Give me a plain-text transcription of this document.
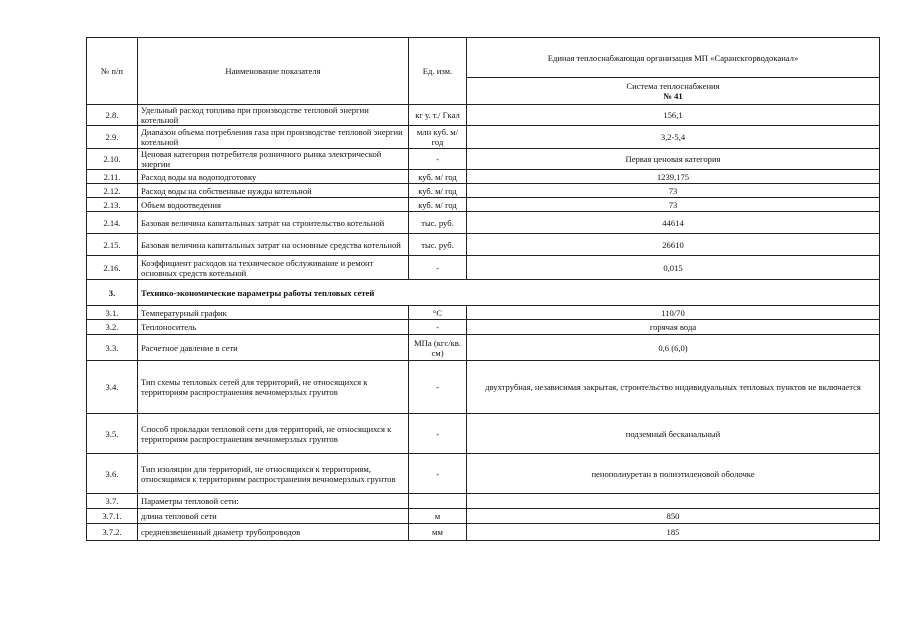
№ п/п	Наименование показателя	Ед. изм.	Единая теплоснабжающая организация МП «Саранскгорводоканал»
			Система теплоснабжения
№ 41

2.8.	Удельный расход топлива при производстве тепловой энергии котельной	кг у. т./ Гкал	156,1
2.9.	Диапазон объема потребления газа при производстве тепловой энергии котельной	млн куб. м/год	3,2-5,4
2.10.	Ценовая категория потребителя розничного рынка электрической энергии	-	Первая ценовая категория
2.11.	Расход воды на водоподготовку	куб. м/ год	1239,175
2.12.	Расход воды на собственные нужды котельной	куб. м/ год	73
2.13.	Объем водоотведения	куб. м/ год	73
2.14.	Базовая величина капитальных затрат на строительство котельной	тыс. руб.	44614
2.15.	Базовая величина капитальных затрат на основные средства котельной	тыс. руб.	26610
2.16.	Коэффициент расходов на техническое обслуживание и ремонт основных средств котельной	-	0,015
3.	Технико-экономические параметры работы тепловых сетей		
3.1.	Температурный график	°С	110/70
3.2.	Теплоноситель	-	горячая вода
3.3.	Расчетное давление в сети	МПа (кгс/кв. см)	0,6 (6,0)
3.4.	Тип схемы тепловых сетей для территорий, не относящихся к территориям распространения вечномерзлых грунтов	-	двухтрубная, независимая закрытая, строительство индивидуальных тепловых пунктов не включается
3.5.	Способ прокладки тепловой сети для территорий, не относящихся к территориям распространения вечномерзлых грунтов	-	подземный бесканальный
3.6.	Тип изоляции для территорий, не относящихся к территориям, относящимся к территориям распространения вечномерзлых грунтов	-	пенополиуретан в полиэтиленовой оболочке
3.7.	Параметры тепловой сети:		
3.7.1.	длина тепловой сети	м	850
3.7.2.	средневзвешенный диаметр трубопроводов	мм	185
